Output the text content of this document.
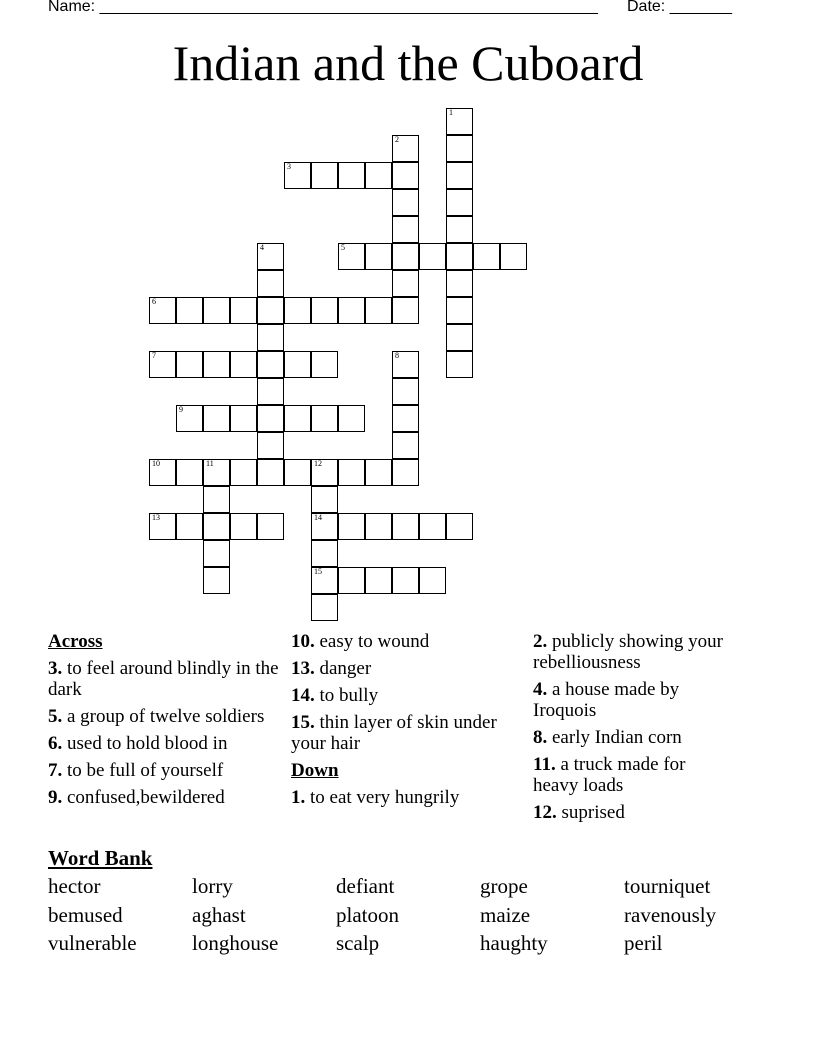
Name: ________________________________________________________ Date: _______
Indian and the Cuboard
1
2
3
4	5
6
7	8
9
10	11	12
14
15
13
Across
3. to feel around blindly in the dark
5. a group of twelve soldiers
6. used to hold blood in
7. to be full of yourself
9. confused,bewildered
10. easy to wound
13. danger
14. to bully
15. thin layer of skin under your hair
Down
1. to eat very hungrily
2. publicly showing your rebelliousness
4. a house made by Iroquois
8. early Indian corn
11. a truck made for heavy loads
12. suprised
Word Bank
hector	lorry	defiant	grope	tourniquet
bemused	aghast	platoon	maize	ravenously
vulnerable	longhouse	scalp	haughty	peril
